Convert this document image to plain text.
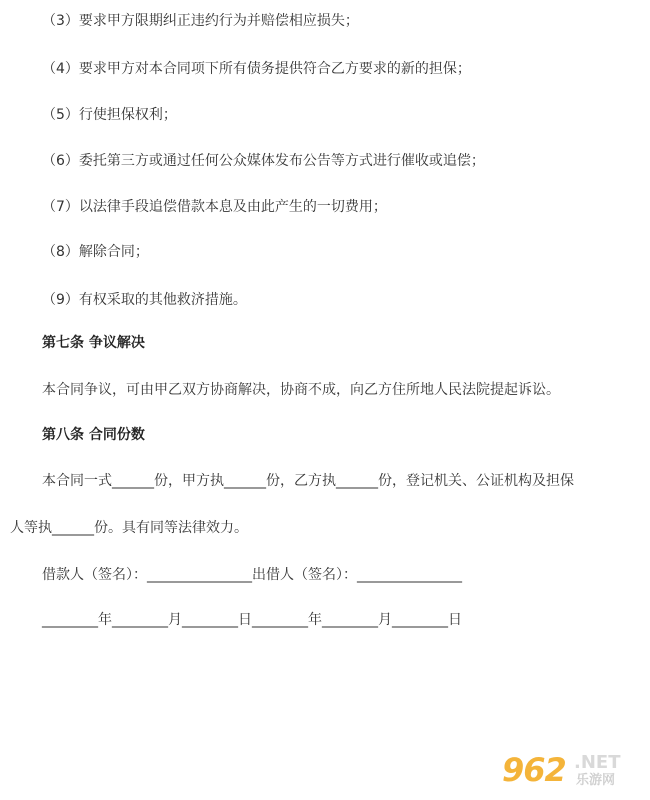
（3）要求甲方限期纠正违约行为并赔偿相应损失；
（4）要求甲方对本合同项下所有债务提供符合乙方要求的新的担保；
（5）行使担保权利；
（6）委托第三方或通过任何公众媒体发布公告等方式进行催收或追偿；
（7）以法律手段追偿借款本息及由此产生的一切费用；
（8）解除合同；
（9）有权采取的其他救济措施。
第七条 争议解决
本合同争议，可由甲乙双方协商解决，协商不成，向乙方住所地人民法院提起诉讼。
第八条 合同份数
本合同一式______份，甲方执______份，乙方执______份，登记机关、公证机构及担保
人等执______份。具有同等法律效力。
借款人（签名）：_______________出借人（签名）：_______________
________年________月________日________年________月________日
962 .NET
乐游网
